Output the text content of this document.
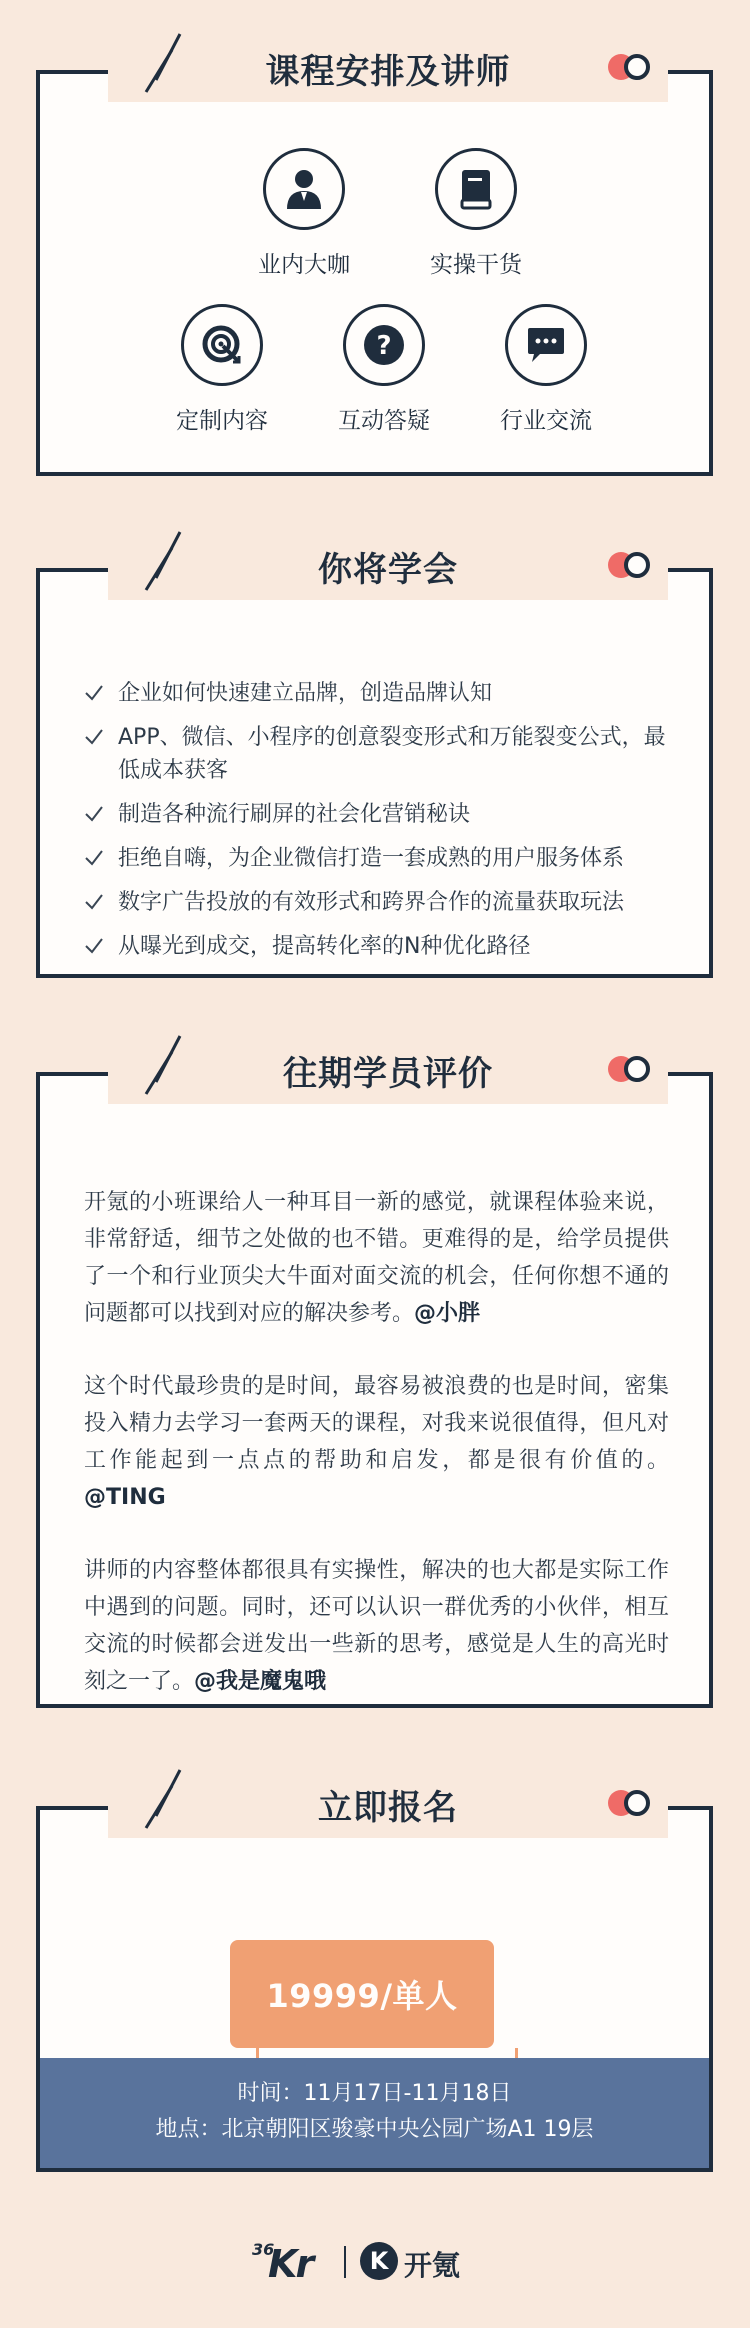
业内大咖	实操干货
定制内容
?
互动答疑	行业交流
课程安排及讲师
企业如何快速建立品牌，创造品牌认知
APP、微信、小程序的创意裂变形式和万能裂变公式，最低成本获客
制造各种流行刷屏的社会化营销秘诀
拒绝自嗨，为企业微信打造一套成熟的用户服务体系
数字广告投放的有效形式和跨界合作的流量获取玩法
从曝光到成交，提高转化率的N种优化路径
你将学会
开氪的小班课给人一种耳目一新的感觉，就课程体验来说，非常舒适，细节之处做的也不错。更难得的是，给学员提供了一个和行业顶尖大牛面对面交流的机会，任何你想不通的问题都可以找到对应的解决参考。@小胖
这个时代最珍贵的是时间，最容易被浪费的也是时间，密集投入精力去学习一套两天的课程，对我来说很值得，但凡对工作能起到一点点的帮助和启发，都是很有价值的。@TING
讲师的内容整体都很具有实操性，解决的也大都是实际工作中遇到的问题。同时，还可以认识一群优秀的小伙伴，相互交流的时候都会迸发出一些新的思考，感觉是人生的高光时刻之一了。@我是魔鬼哦
往期学员评价
19999/单人
时间：11月17日-11月18日
地点：北京朝阳区骏豪中央公园广场A1 19层
立即报名
36
Kr	K 开氪
